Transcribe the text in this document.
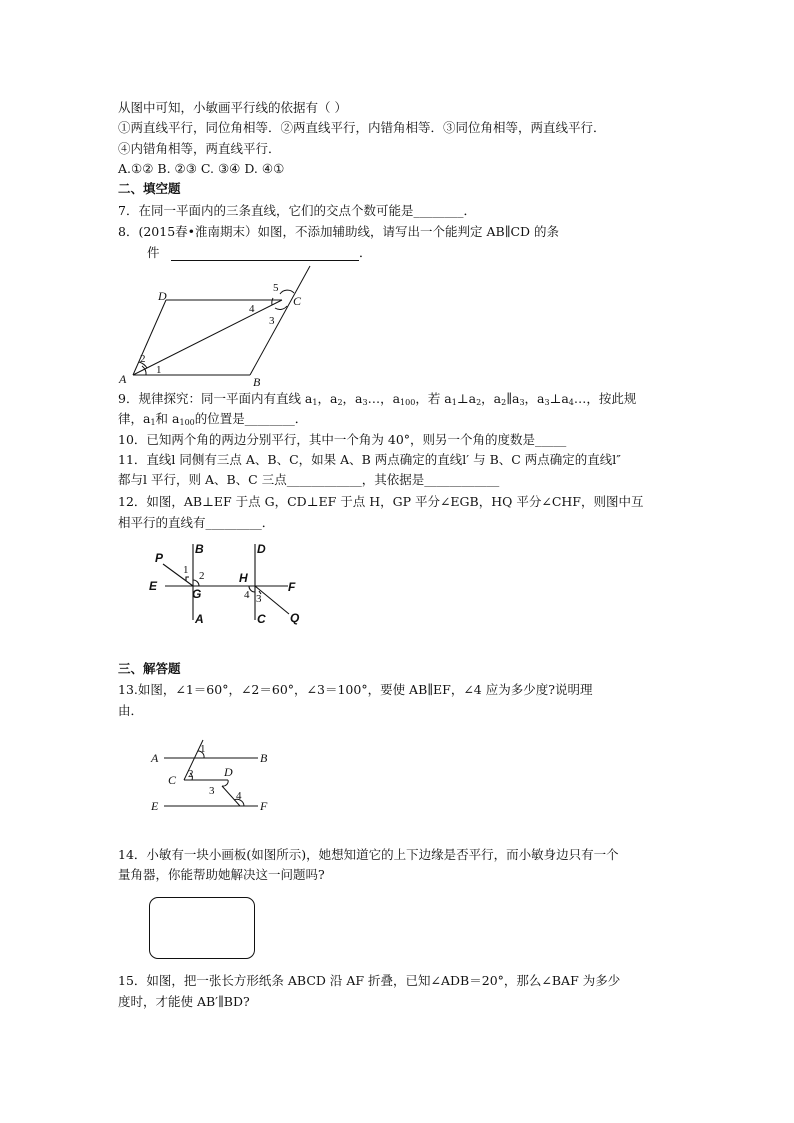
从图中可知，小敏画平行线的依据有（ ）
①两直线平行，同位角相等．②两直线平行，内错角相等．③同位角相等，两直线平行．
④内错角相等，两直线平行．
A.①② B. ②③ C. ③④ D. ④①
二、填空题
7．在同一平面内的三条直线，它们的交点个数可能是________．
8．(2015春•淮南期末）如图，不添加辅助线，请写出一个能判定 AB∥CD 的条
件	．
D	C
A	B
1
2
3
4
5
9．规律探究：同一平面内有直线 $a_1$，$a_2$，$a_3\dots$，$a_{100}$，若 $a_1\perp a_2$，$a_2\parallel a_3$，$a_3\perp a_4\dots$，按此规
律，$a_1$和 $a_{100}$的位置是________．
10．已知两个角的两边分别平行，其中一个角为 40°，则另一个角的度数是_____
11．直线l 同侧有三点 A、B、C，如果 A、B 两点确定的直线l′ 与 B、C 两点确定的直线l″
都与l 平行，则 A、B、C 三点____________，其依据是____________
12．如图，AB⊥EF 于点 G，CD⊥EF 于点 H，GP 平分∠EGB，HQ 平分∠CHF，则图中互
相平行的直线有_________．
P
B	D
E
G
H
F
A	C Q
1 2
3
4
三、解答题
13.如图，∠1＝60°，∠2＝60°，∠3＝100°，要使 AB∥EF，∠4 应为多少度?说明理
由．
A	B
C
D
E	F
1
2
3 4
14．小敏有一块小画板(如图所示)，她想知道它的上下边缘是否平行，而小敏身边只有一个
量角器，你能帮助她解决这一问题吗?
15．如图，把一张长方形纸条 ABCD 沿 AF 折叠，已知∠ADB＝20°，那么∠BAF 为多少
度时，才能使 AB′∥BD?
